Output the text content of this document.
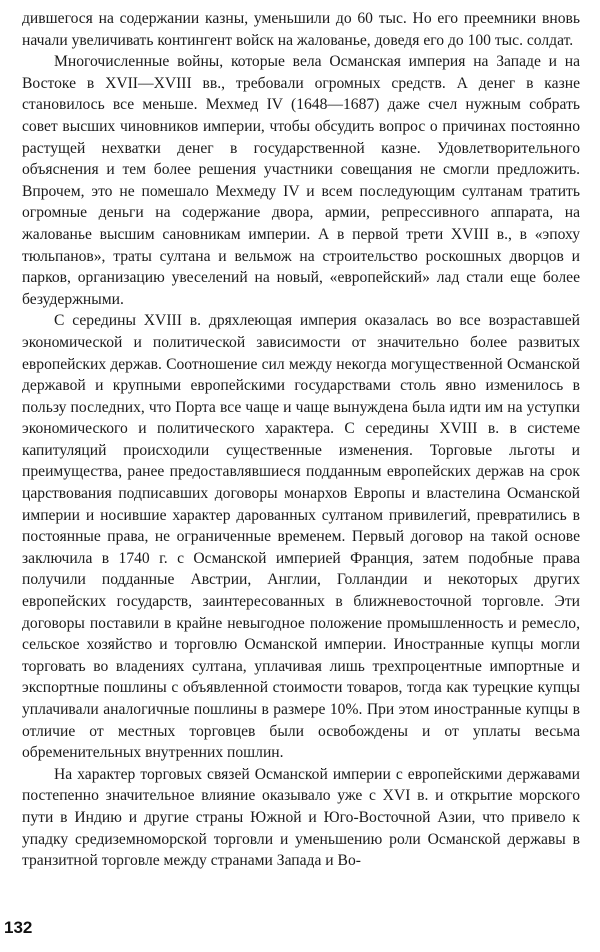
дившегося на содержании казны, уменьшили до 60 тыс. Но его преемники вновь начали увеличивать контингент войск на жалованье, доведя его до 100 тыс. солдат.

Многочисленные войны, которые вела Османская империя на Западе и на Востоке в XVII—XVIII вв., требовали огромных средств. А денег в казне становилось все меньше. Мехмед IV (1648—1687) даже счел нужным собрать совет высших чиновников империи, чтобы обсудить вопрос о причинах постоянно растущей нехватки денег в государственной казне. Удовлетворительного объяснения и тем более решения участники совещания не смогли предложить. Впрочем, это не помешало Мехмеду IV и всем последующим султанам тратить огромные деньги на содержание двора, армии, репрессивного аппарата, на жалованье высшим сановникам империи. А в первой трети XVIII в., в «эпоху тюльпанов», траты султана и вельмож на строительство роскошных дворцов и парков, организацию увеселений на новый, «европейский» лад стали еще более безудержными.

С середины XVIII в. дряхлеющая империя оказалась во все возраставшей экономической и политической зависимости от значительно более развитых европейских держав. Соотношение сил между некогда могущественной Османской державой и крупными европейскими государствами столь явно изменилось в пользу последних, что Порта все чаще и чаще вынуждена была идти им на уступки экономического и политического характера. С середины XVIII в. в системе капитуляций происходили существенные изменения. Торговые льготы и преимущества, ранее предоставлявшиеся подданным европейских держав на срок царствования подписавших договоры монархов Европы и властелина Османской империи и носившие характер дарованных султаном привилегий, превратились в постоянные права, не ограниченные временем. Первый договор на такой основе заключила в 1740 г. с Османской империей Франция, затем подобные права получили подданные Австрии, Англии, Голландии и некоторых других европейских государств, заинтересованных в ближневосточной торговле. Эти договоры поставили в крайне невыгодное положение промышленность и ремесло, сельское хозяйство и торговлю Османской империи. Иностранные купцы могли торговать во владениях султана, уплачивая лишь трехпроцентные импортные и экспортные пошлины с объявленной стоимости товаров, тогда как турецкие купцы уплачивали аналогичные пошлины в размере 10%. При этом иностранные купцы в отличие от местных торговцев были освобождены и от уплаты весьма обременительных внутренних пошлин.

На характер торговых связей Османской империи с европейскими державами постепенно значительное влияние оказывало уже с XVI в. и открытие морского пути в Индию и другие страны Южной и Юго-Восточной Азии, что привело к упадку средиземноморской торговли и уменьшению роли Османской державы в транзитной торговле между странами Запада и Во-

132
